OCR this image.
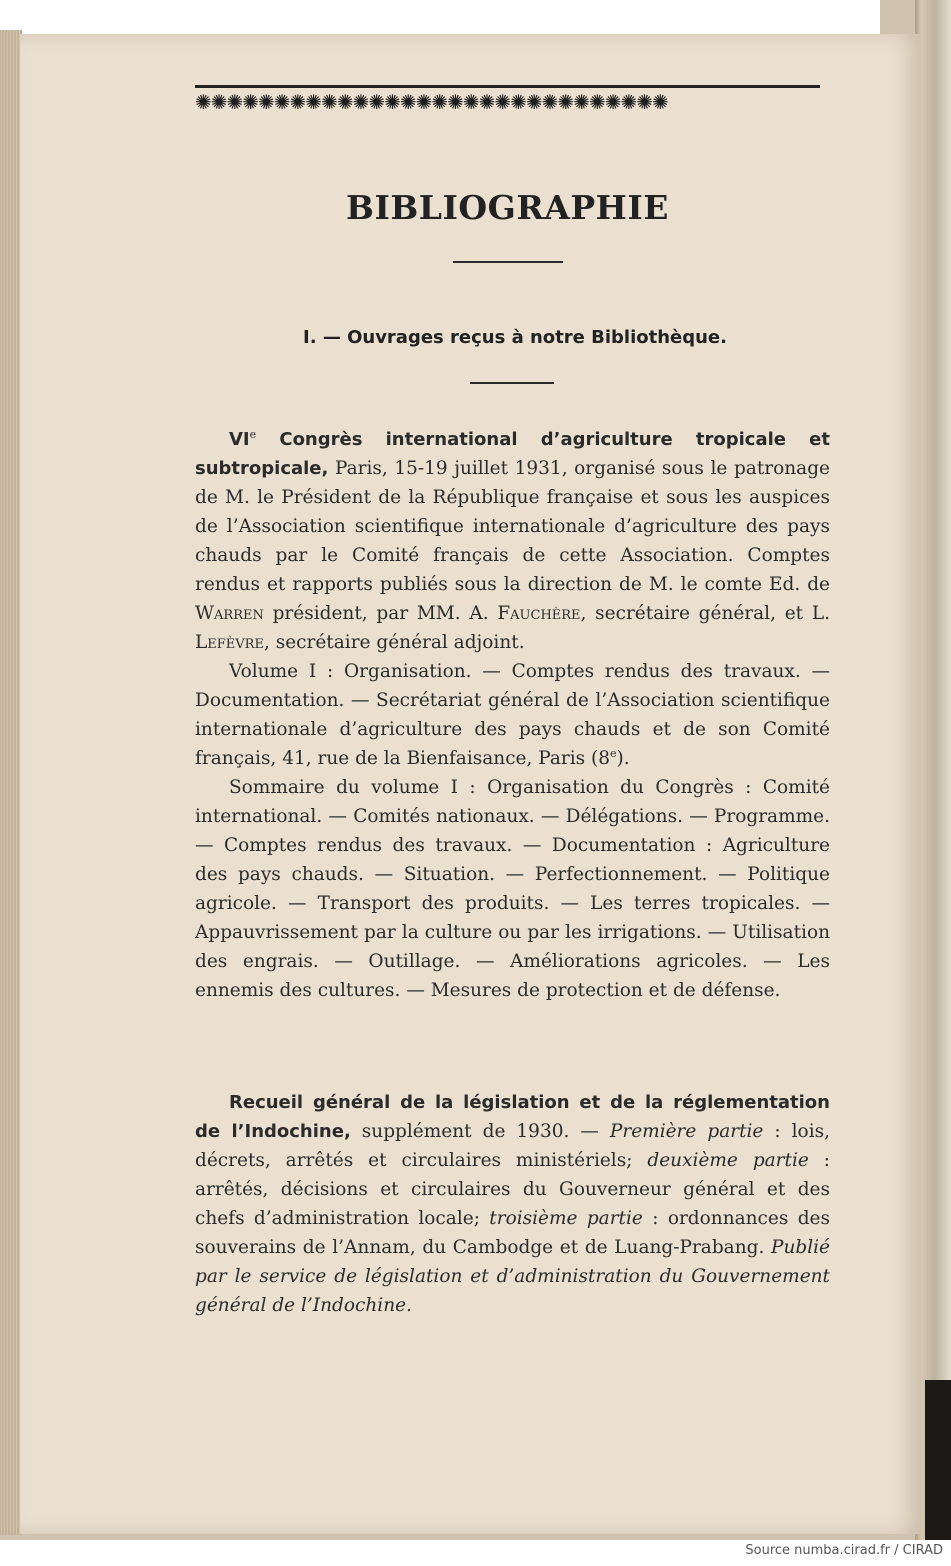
✺✺✺✺✺✺✺✺✺✺✺✺✺✺✺✺✺✺✺✺✺✺✺✺✺✺✺✺✺✺
BIBLIOGRAPHIE
I. — Ouvrages reçus à notre Bibliothèque.

VIe Congrès international d’agriculture tropicale et subtropicale, Paris, 15-19 juillet 1931, organisé sous le patronage de M. le Président de la République française et sous les auspices de l’Association scientifique internationale d’agriculture des pays chauds par le Comité français de cette Association. Comptes rendus et rapports publiés sous la direction de M. le comte Ed. de Warren président, par MM. A. Fauchère, secrétaire général, et L. Lefèvre, secrétaire général adjoint.

Volume I : Organisation. — Comptes rendus des travaux. — Documentation. — Secrétariat général de l’Association scientifique internationale d’agriculture des pays chauds et de son Comité français, 41, rue de la Bienfaisance, Paris (8e).

Sommaire du volume I : Organisation du Congrès : Comité international. — Comités nationaux. — Délégations. — Programme. — Comptes rendus des travaux. — Documentation : Agriculture des pays chauds. — Situation. — Perfectionnement. — Politique agricole. — Transport des produits. — Les terres tropicales. — Appauvrissement par la culture ou par les irrigations. — Utilisation des engrais. — Outillage. — Améliorations agricoles. — Les ennemis des cultures. — Mesures de protection et de défense.

Recueil général de la législation et de la réglementation de l’Indochine, supplément de 1930. — Première partie : lois, décrets, arrêtés et circulaires ministériels; deuxième partie : arrêtés, décisions et circulaires du Gouverneur général et des chefs d’administration locale; troisième partie : ordonnances des souverains de l’Annam, du Cambodge et de Luang-Prabang. Publié par le service de législation et d’administration du Gouvernement général de l’Indochine.

Source numba.cirad.fr / CIRAD
